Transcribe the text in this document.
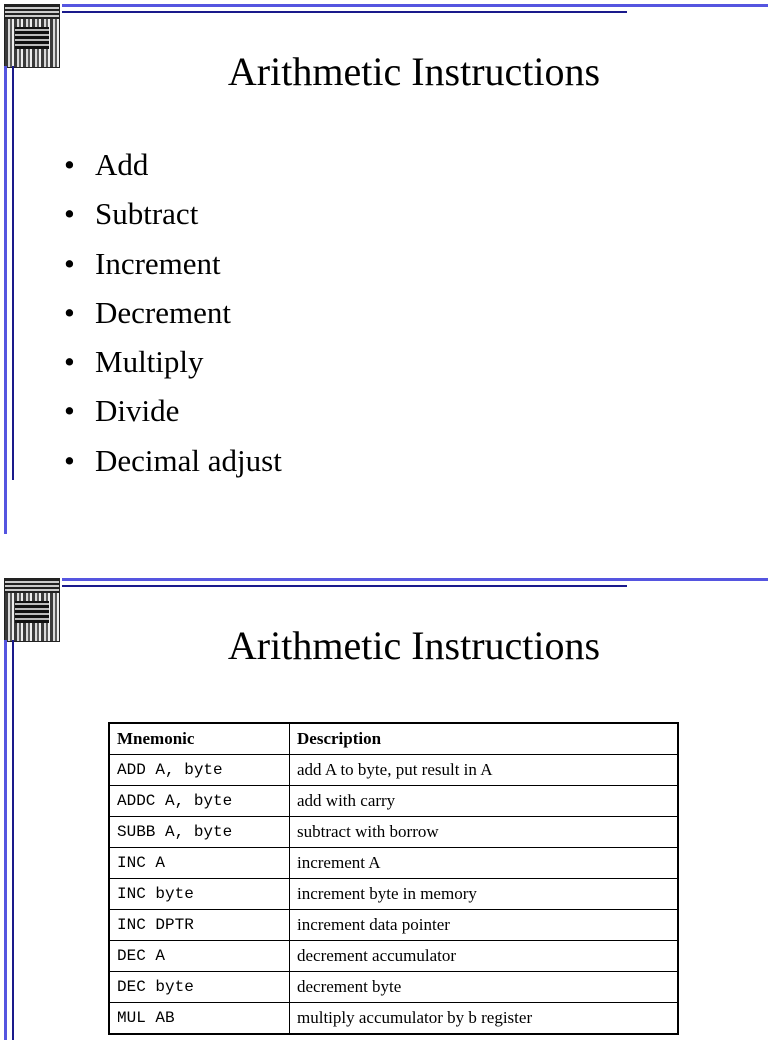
Arithmetic Instructions
• Add
• Subtract
• Increment
• Decrement
• Multiply
• Divide
• Decimal adjust
Arithmetic Instructions
Mnemonic	Description
ADD A, byte	add A to byte, put result in A
ADDC A, byte	add with carry
SUBB A, byte	subtract with borrow
INC A	increment A
INC byte	increment byte in memory
INC DPTR	increment data pointer
DEC A	decrement accumulator
DEC byte	decrement byte
MUL AB	multiply accumulator by b register
